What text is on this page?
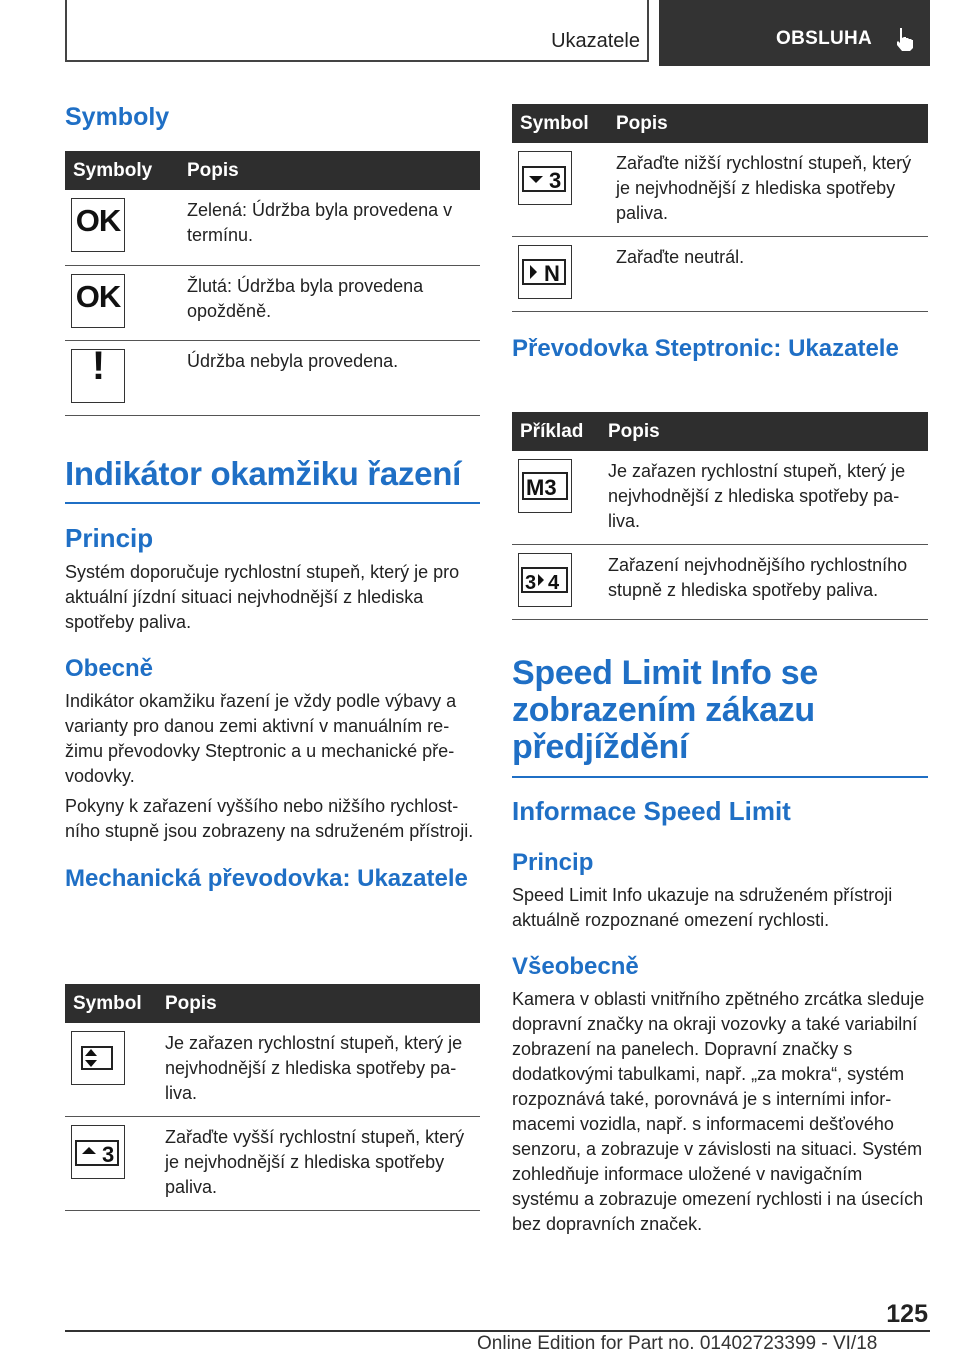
Ukazatele	OBSLUHA
Symboly
Symboly	Popis

OK	Zelená: Údržba byla provedena v termínu.

OK	Žlutá: Údržba byla provedena opožděně.

!	Údržba nebyla provedena.
Indikátor okamžiku řazení
Princip

Systém doporučuje rychlostní stupeň, který je pro aktuální jízdní situaci nejvhodnější z hlediska spotřeby paliva.

Obecně

Indikátor okamžiku řazení je vždy podle výbavy a varianty pro danou zemi aktivní v manuálním režimu převodovky Steptronic a u mechanické převodovky.

Pokyny k zařazení vyššího nebo nižšího rychlostního stupně jsou zobrazeny na sdruženém přístroji.

Mechanická převodovka: Ukazatele
Symbol	Popis

	Je zařazen rychlostní stupeň, který je nejvhodnější z hlediska spotřeby paliva.

3	Zařaďte vyšší rychlostní stupeň, který je nejvhodnější z hlediska spotřeby paliva.
Symbol	Popis

3	Zařaďte nižší rychlostní stupeň, který je nejvhodnější z hlediska spotřeby paliva.

N	Zařaďte neutrál.
Převodovka Steptronic: Ukazatele
Příklad	Popis

M3	Je zařazen rychlostní stupeň, který je nejvhodnější z hlediska spotřeby paliva.

3 4	Zařazení nejvhodnějšího rychlostního stupně z hlediska spotřeby paliva.
Speed Limit Info se zobrazením zákazu předjíždění
Informace Speed Limit
Princip

Speed Limit Info ukazuje na sdruženém přístroji aktuálně rozpoznané omezení rychlosti.

Všeobecně

Kamera v oblasti vnitřního zpětného zrcátka sleduje dopravní značky na okraji vozovky a také variabilní zobrazení na panelech. Dopravní značky s dodatkovými tabulkami, např. „za mokra“, systém rozpoznává také, porovnává je s interními informacemi vozidla, např. s informacemi dešťového senzoru, a zobrazuje v závislosti na situaci. Systém zohledňuje informace uložené v navigačním systému a zobrazuje omezení rychlosti i na úsecích bez dopravních značek.

125
Online Edition for Part no. 01402723399 - VI/18
